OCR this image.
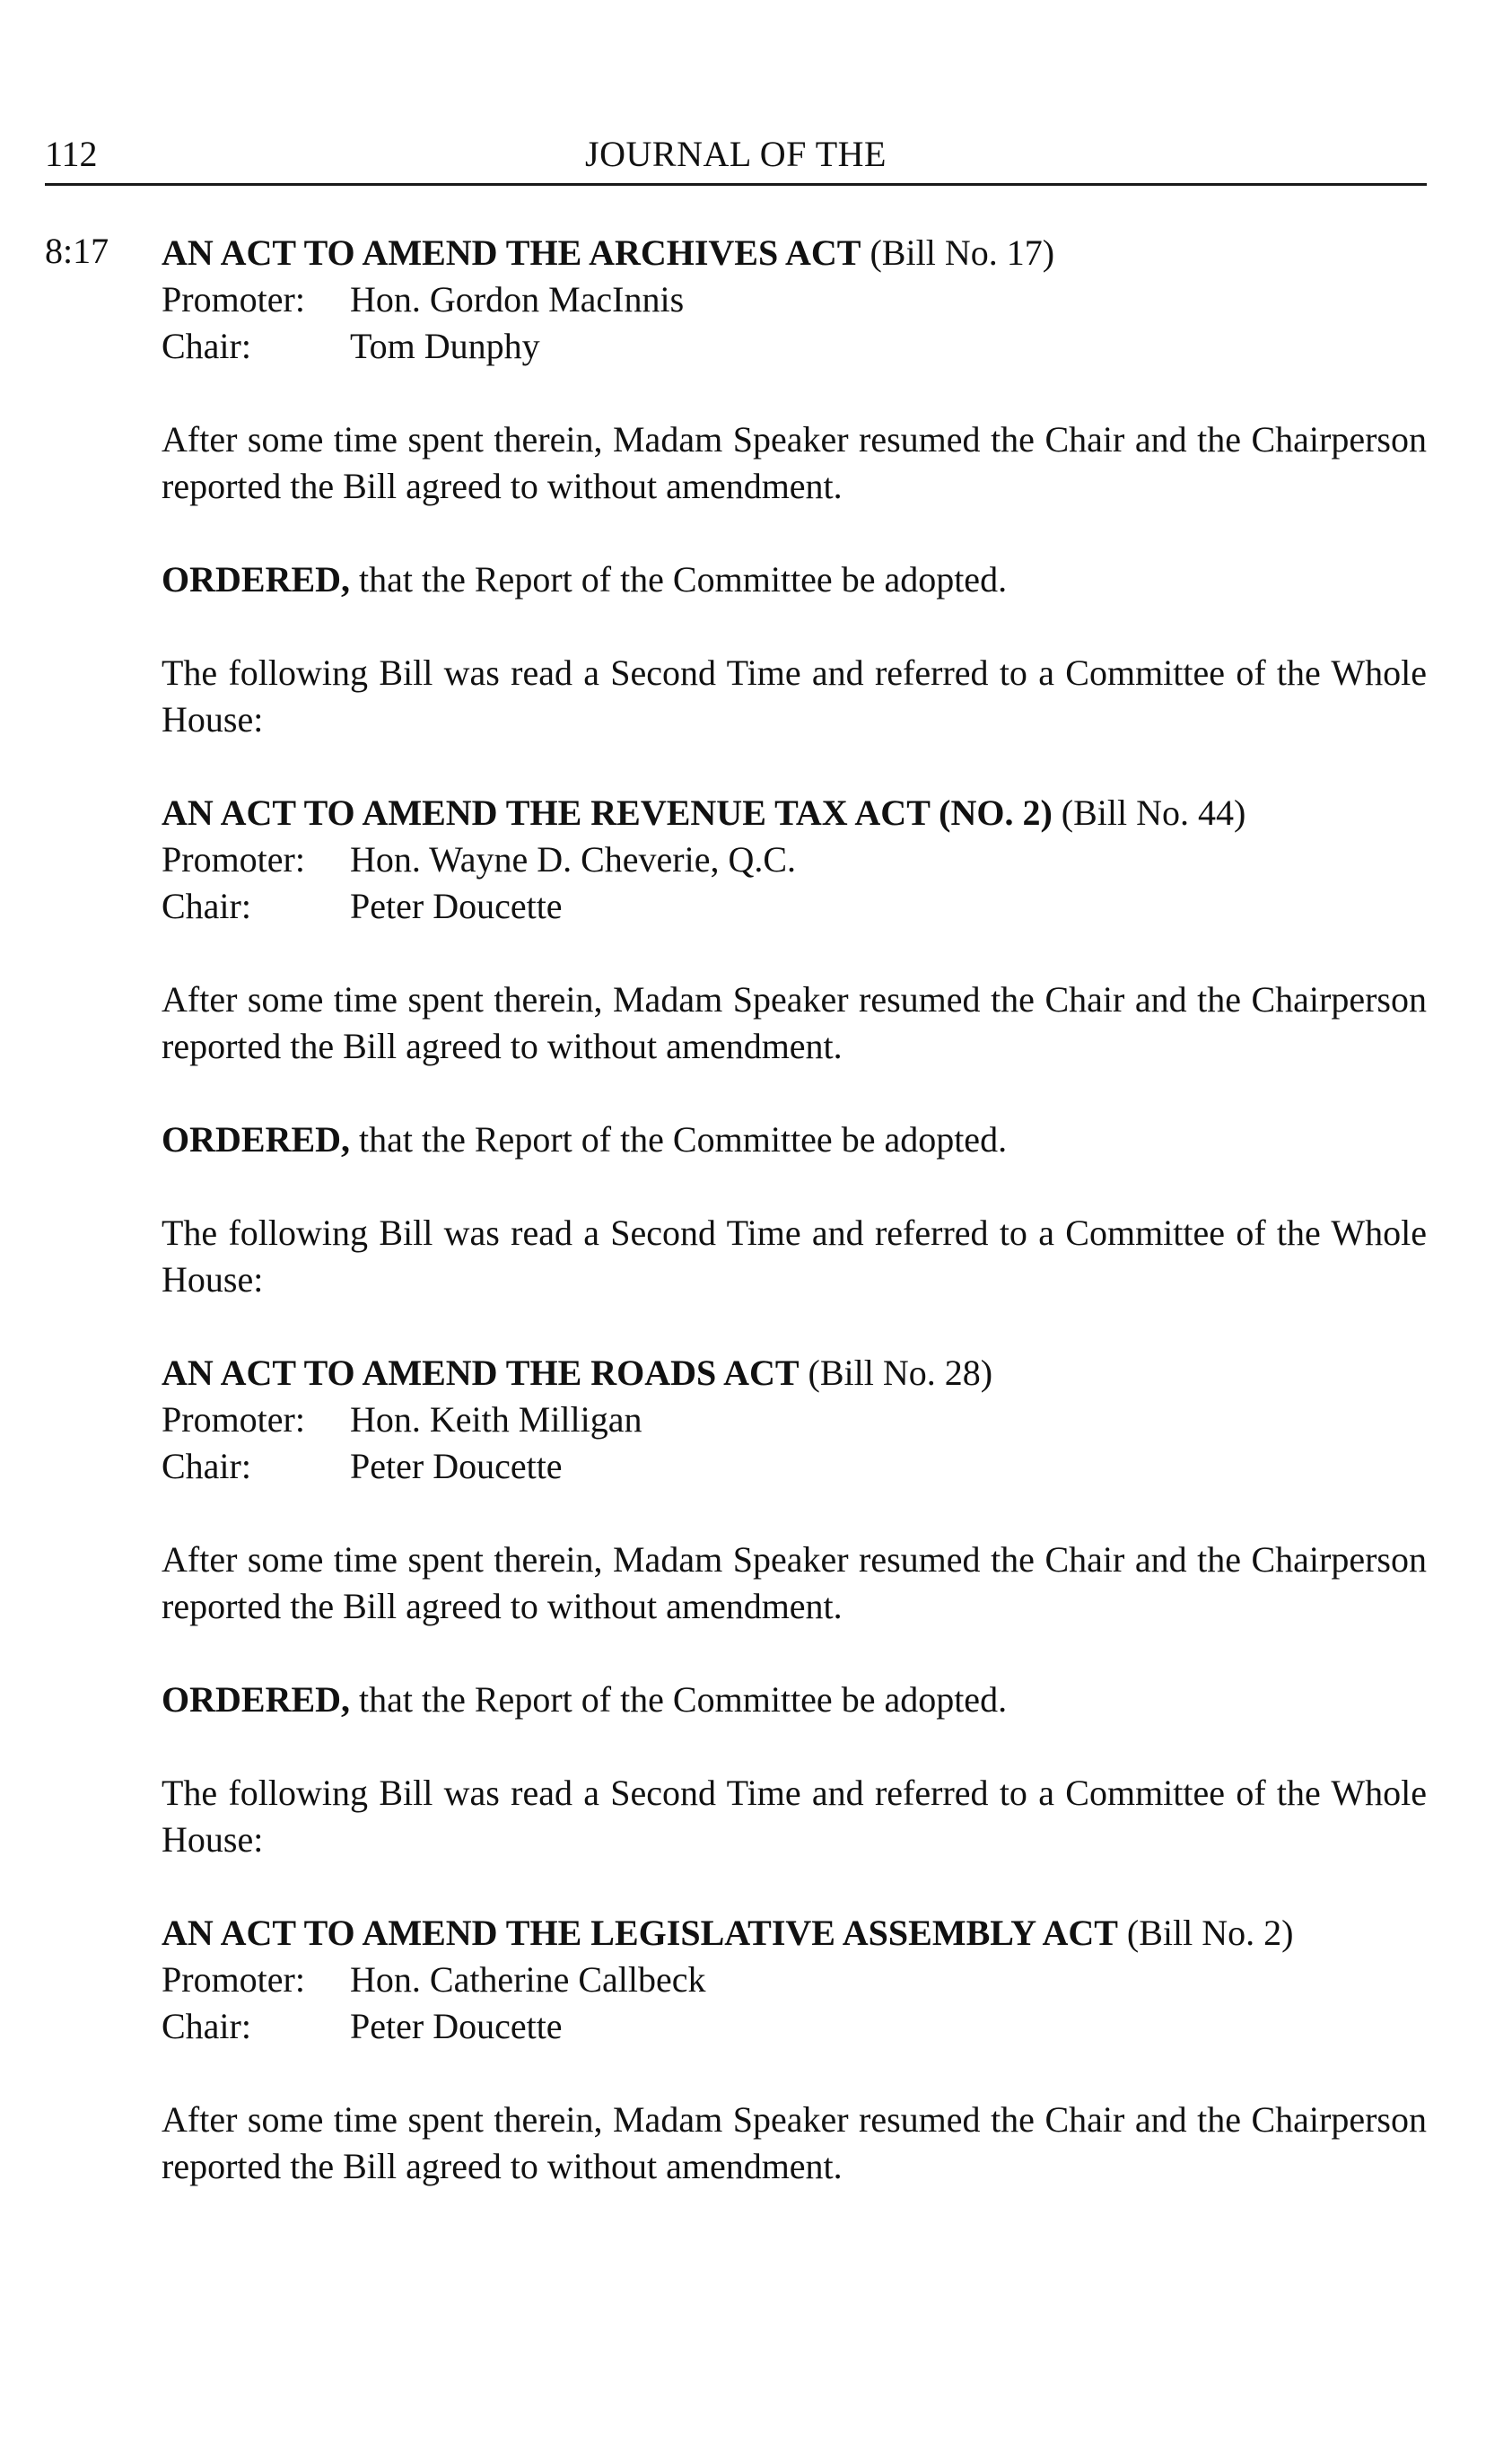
112	JOURNAL OF THE
8:17 AN ACT TO AMEND THE ARCHIVES ACT (Bill No. 17)

Promoter:	Hon. Gordon MacInnis

Chair:	Tom Dunphy

After some time spent therein, Madam Speaker resumed the Chair and the Chairperson reported the Bill agreed to without amendment.

ORDERED, that the Report of the Committee be adopted.

The following Bill was read a Second Time and referred to a Committee of the Whole House:

AN ACT TO AMEND THE REVENUE TAX ACT (NO. 2) (Bill No. 44)

Promoter:	Hon. Wayne D. Cheverie, Q.C.

Chair:	Peter Doucette

After some time spent therein, Madam Speaker resumed the Chair and the Chairperson reported the Bill agreed to without amendment.

ORDERED, that the Report of the Committee be adopted.

The following Bill was read a Second Time and referred to a Committee of the Whole House:

AN ACT TO AMEND THE ROADS ACT (Bill No. 28)

Promoter:	Hon. Keith Milligan

Chair:	Peter Doucette

After some time spent therein, Madam Speaker resumed the Chair and the Chairperson reported the Bill agreed to without amendment.

ORDERED, that the Report of the Committee be adopted.

The following Bill was read a Second Time and referred to a Committee of the Whole House:

AN ACT TO AMEND THE LEGISLATIVE ASSEMBLY ACT (Bill No. 2)

Promoter:	Hon. Catherine Callbeck

Chair:	Peter Doucette

After some time spent therein, Madam Speaker resumed the Chair and the Chairperson reported the Bill agreed to without amendment.
